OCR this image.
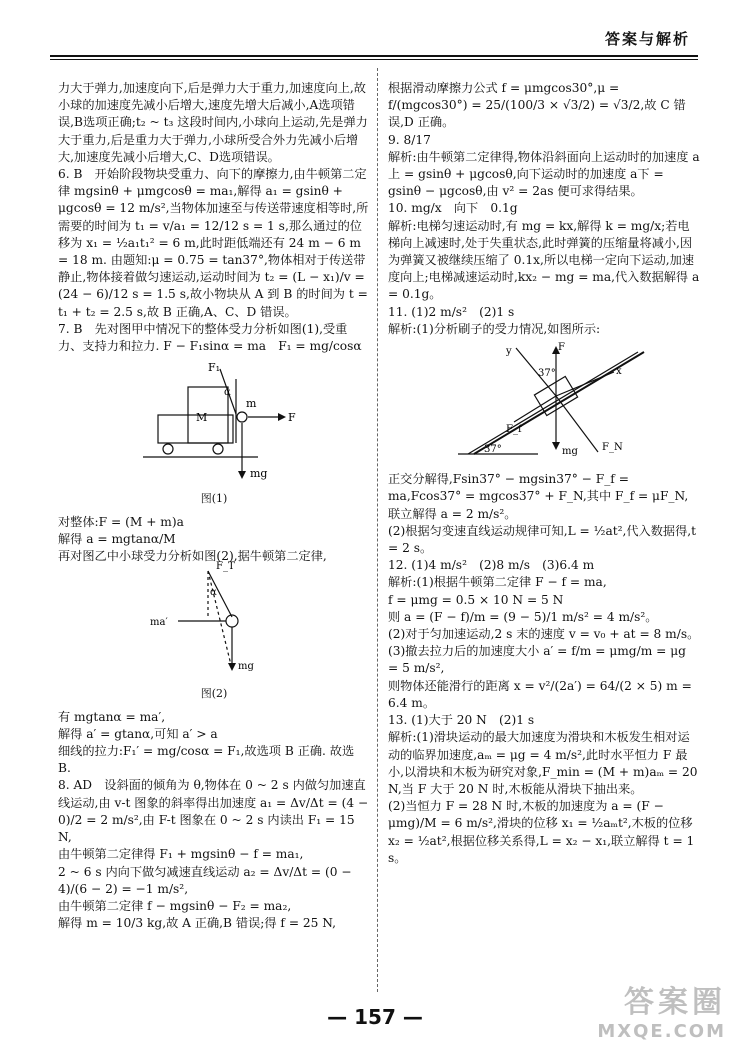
答案与解析

力大于弹力,加速度向下,后是弹力大于重力,加速度向上,故小球的加速度先减小后增大,速度先增大后减小,A选项错误,B选项正确;t₂ ~ t₃ 这段时间内,小球向上运动,先是弹力大于重力,后是重力大于弹力,小球所受合外力先减小后增大,加速度先减小后增大,C、D选项错误。

6. B　开始阶段物块受重力、向下的摩擦力,由牛顿第二定律 mgsinθ + μmgcosθ = ma₁,解得 a₁ = gsinθ + μgcosθ = 12 m/s²,当物体加速至与传送带速度相等时,所需要的时间为 t₁ = v/a₁ = 12/12 s = 1 s,那么通过的位移为 x₁ = ½a₁t₁² = 6 m,此时距低端还有 24 m − 6 m = 18 m. 由题知:μ = 0.75 = tan37°,物体相对于传送带静止,物体接着做匀速运动,运动时间为 t₂ = (L − x₁)/v = (24 − 6)/12 s = 1.5 s,故小物块从 A 到 B 的时间为 t = t₁ + t₂ = 2.5 s,故 B 正确,A、C、D 错误。

7. B　先对图甲中情况下的整体受力分析如图(1),受重力、支持力和拉力. F − F₁sinα = ma　F₁ = mg/cosα

F₁
α
M
m
F
mg
图(1)

对整体:F = (M + m)a

解得 a = mgtanα/M

再对图乙中小球受力分析如图(2),据牛顿第二定律,

F_T
α
ma′
mg
图(2)

有 mgtanα = ma′,

解得 a′ = gtanα,可知 a′ > a

细线的拉力:F₁′ = mg/cosα = F₁,故选项 B 正确. 故选 B.

8. AD　设斜面的倾角为 θ,物体在 0 ~ 2 s 内做匀加速直线运动,由 v-t 图象的斜率得出加速度 a₁ = Δv/Δt = (4 − 0)/2 = 2 m/s²,由 F-t 图象在 0 ~ 2 s 内读出 F₁ = 15 N,

由牛顿第二定律得 F₁ + mgsinθ − f = ma₁,

2 ~ 6 s 内向下做匀减速直线运动 a₂ = Δv/Δt = (0 − 4)/(6 − 2) = −1 m/s²,

由牛顿第二定律 f − mgsinθ − F₂ = ma₂,

解得 m = 10/3 kg,故 A 正确,B 错误;得 f = 25 N,

根据滑动摩擦力公式 f = μmgcos30°,μ = f/(mgcos30°) = 25/(100/3 × √3/2) = √3/2,故 C 错误,D 正确。

9. 8/17

解析:由牛顿第二定律得,物体沿斜面向上运动时的加速度 a上 = gsinθ + μgcosθ,向下运动时的加速度 a下 = gsinθ − μgcosθ,由 v² = 2as 便可求得结果。

10. mg/x　向下　0.1g

解析:电梯匀速运动时,有 mg = kx,解得 k = mg/x;若电梯向上减速时,处于失重状态,此时弹簧的压缩量将减小,因为弹簧又被继续压缩了 0.1x,所以电梯一定向下运动,加速度向上;电梯减速运动时,kx₂ − mg = ma,代入数据解得 a = 0.1g。

11. (1)2 m/s²　(2)1 s

解析:(1)分析刷子的受力情况,如图所示:

F
y
x
37°
37°
F_f
mg F_N

正交分解得,Fsin37° − mgsin37° − F_f = ma,Fcos37° = mgcos37° + F_N,其中 F_f = μF_N,联立解得 a = 2 m/s²。

(2)根据匀变速直线运动规律可知,L = ½at²,代入数据得,t = 2 s。

12. (1)4 m/s²　(2)8 m/s　(3)6.4 m

解析:(1)根据牛顿第二定律 F − f = ma,

f = μmg = 0.5 × 10 N = 5 N

则 a = (F − f)/m = (9 − 5)/1 m/s² = 4 m/s²。

(2)对于匀加速运动,2 s 末的速度 v = v₀ + at = 8 m/s。

(3)撤去拉力后的加速度大小 a′ = f/m = μmg/m = μg = 5 m/s²,

则物体还能滑行的距离 x = v²/(2a′) = 64/(2 × 5) m = 6.4 m。

13. (1)大于 20 N　(2)1 s

解析:(1)滑块运动的最大加速度为滑块和木板发生相对运动的临界加速度,aₘ = μg = 4 m/s²,此时水平恒力 F 最小,以滑块和木板为研究对象,F_min = (M + m)aₘ = 20 N,当 F 大于 20 N 时,木板能从滑块下抽出来。

(2)当恒力 F = 28 N 时,木板的加速度为 a = (F − μmg)/M = 6 m/s²,滑块的位移 x₁ = ½aₘt²,木板的位移 x₂ = ½at²,根据位移关系得,L = x₂ − x₁,联立解得 t = 1 s。

— 157 —	答案圈
MXQE.COM
